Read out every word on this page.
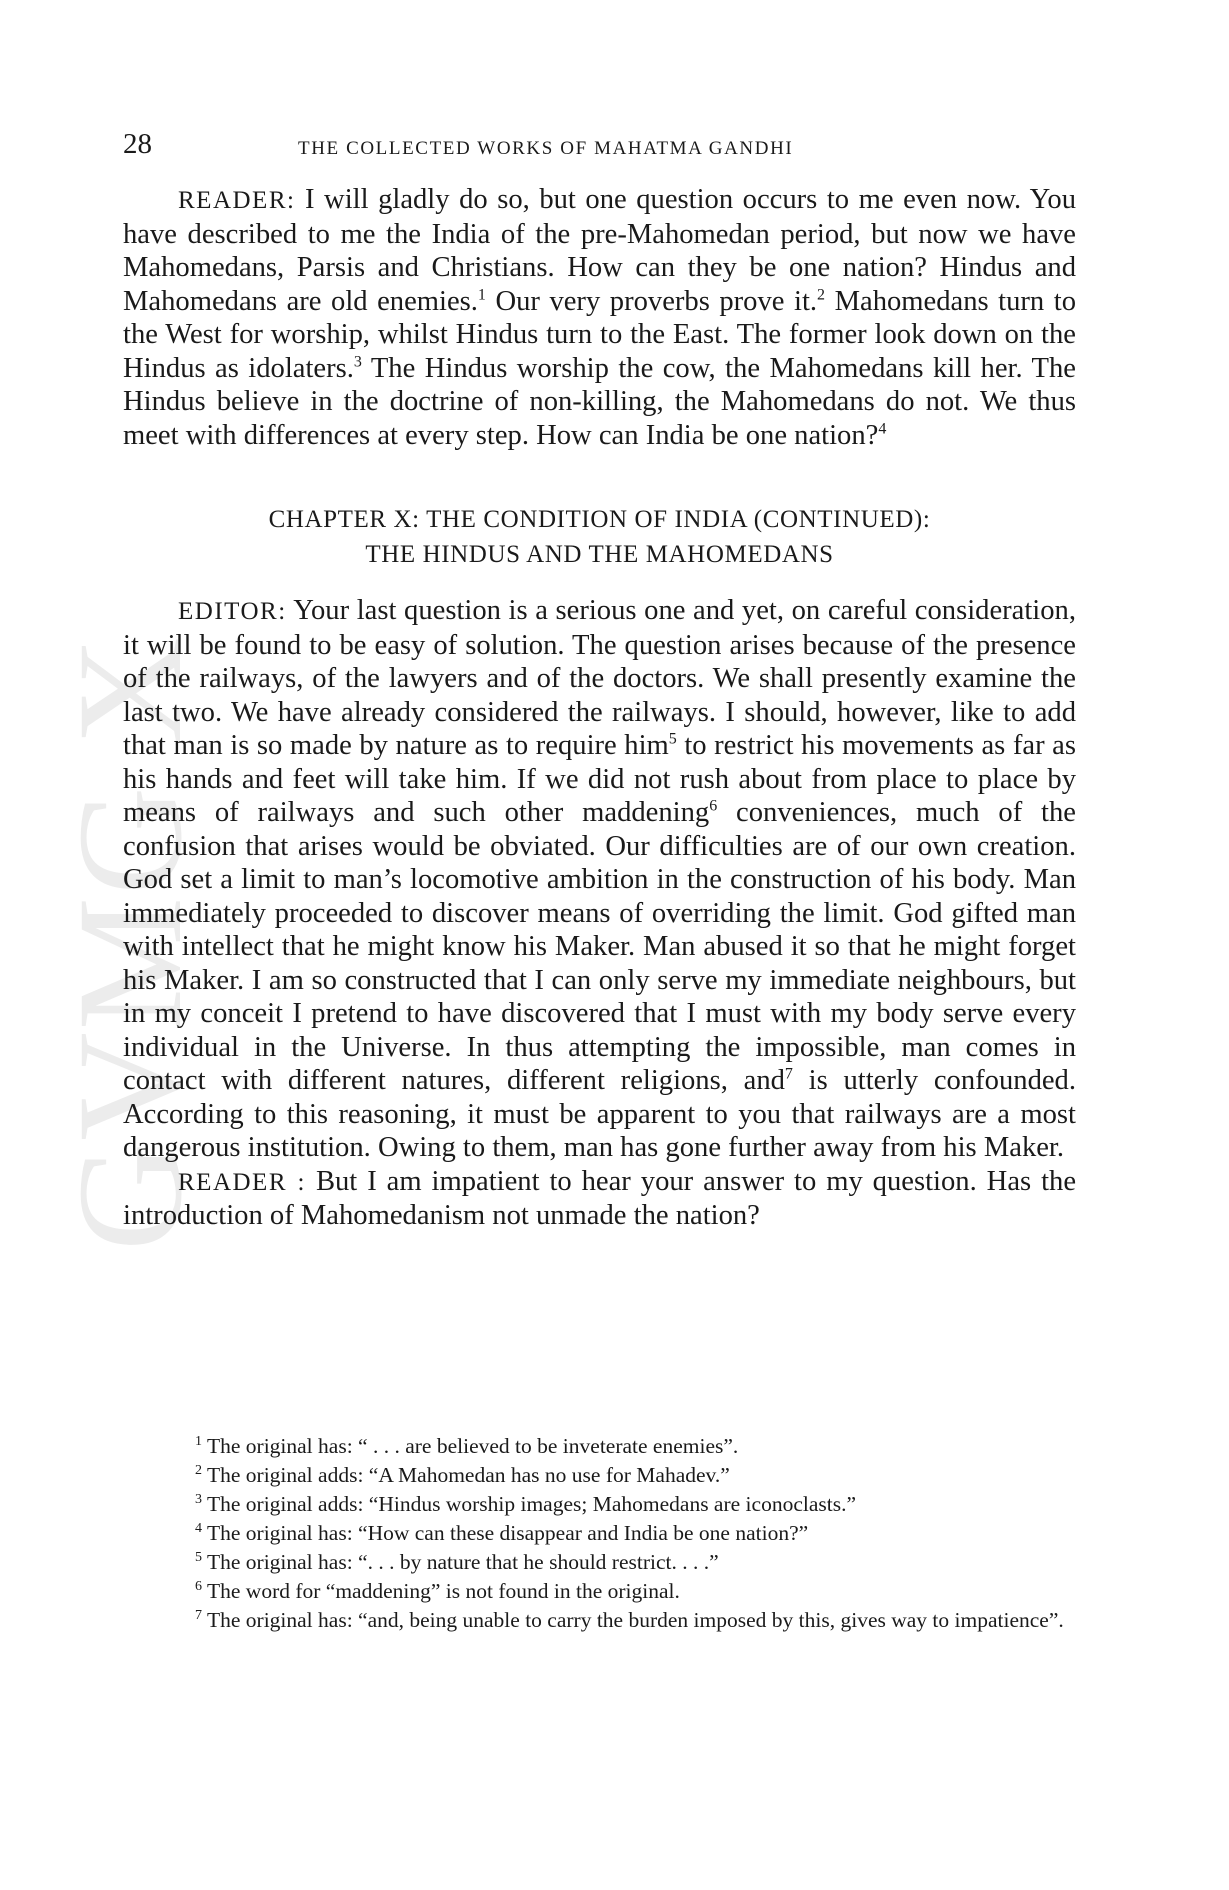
GVMG X
28	THE COLLECTED WORKS OF MAHATMA GANDHI

READER: I will gladly do so, but one question occurs to me even now. You have described to me the India of the pre-Mahomedan period, but now we have Mahomedans, Parsis and Christians. How can they be one nation? Hindus and Mahomedans are old enemies.$^1$ Our very proverbs prove it.$^2$ Mahomedans turn to the West for worship, whilst Hindus turn to the East. The former look down on the Hindus as idolaters.$^3$ The Hindus worship the cow, the Mahomedans kill her. The Hindus believe in the doctrine of non-killing, the Mahomedans do not. We thus meet with differences at every step. How can India be one nation?$^4$

CHAPTER X: THE CONDITION OF INDIA (CONTINUED):
THE HINDUS AND THE MAHOMEDANS

EDITOR: Your last question is a serious one and yet, on careful consideration, it will be found to be easy of solution. The question arises because of the presence of the railways, of the lawyers and of the doctors. We shall presently examine the last two. We have already considered the railways. I should, however, like to add that man is so made by nature as to require him$^5$ to restrict his movements as far as his hands and feet will take him. If we did not rush about from place to place by means of railways and such other maddening$^6$ conveniences, much of the confusion that arises would be obviated. Our difficulties are of our own creation. God set a limit to man’s locomotive ambition in the construction of his body. Man immediately proceeded to discover means of overriding the limit. God gifted man with intellect that he might know his Maker. Man abused it so that he might forget his Maker. I am so constructed that I can only serve my immediate neighbours, but in my conceit I pretend to have discovered that I must with my body serve every individual in the Universe. In thus attempting the impossible, man comes in contact with different natures, different religions, and$^7$ is utterly confounded. According to this reasoning, it must be apparent to you that railways are a most dangerous institution. Owing to them, man has gone further away from his Maker.

READER : But I am impatient to hear your answer to my question. Has the introduction of Mahomedanism not unmade the nation?

$^1$ The original has: “ . . . are believed to be inveterate enemies”.

$^2$ The original adds: “A Mahomedan has no use for Mahadev.”

$^3$ The original adds: “Hindus worship images; Mahomedans are iconoclasts.”

$^4$ The original has: “How can these disappear and India be one nation?”

$^5$ The original has: “. . . by nature that he should restrict. . . .”

$^6$ The word for “maddening” is not found in the original.

$^7$ The original has: “and, being unable to carry the burden imposed by this, gives way to impatience”.
